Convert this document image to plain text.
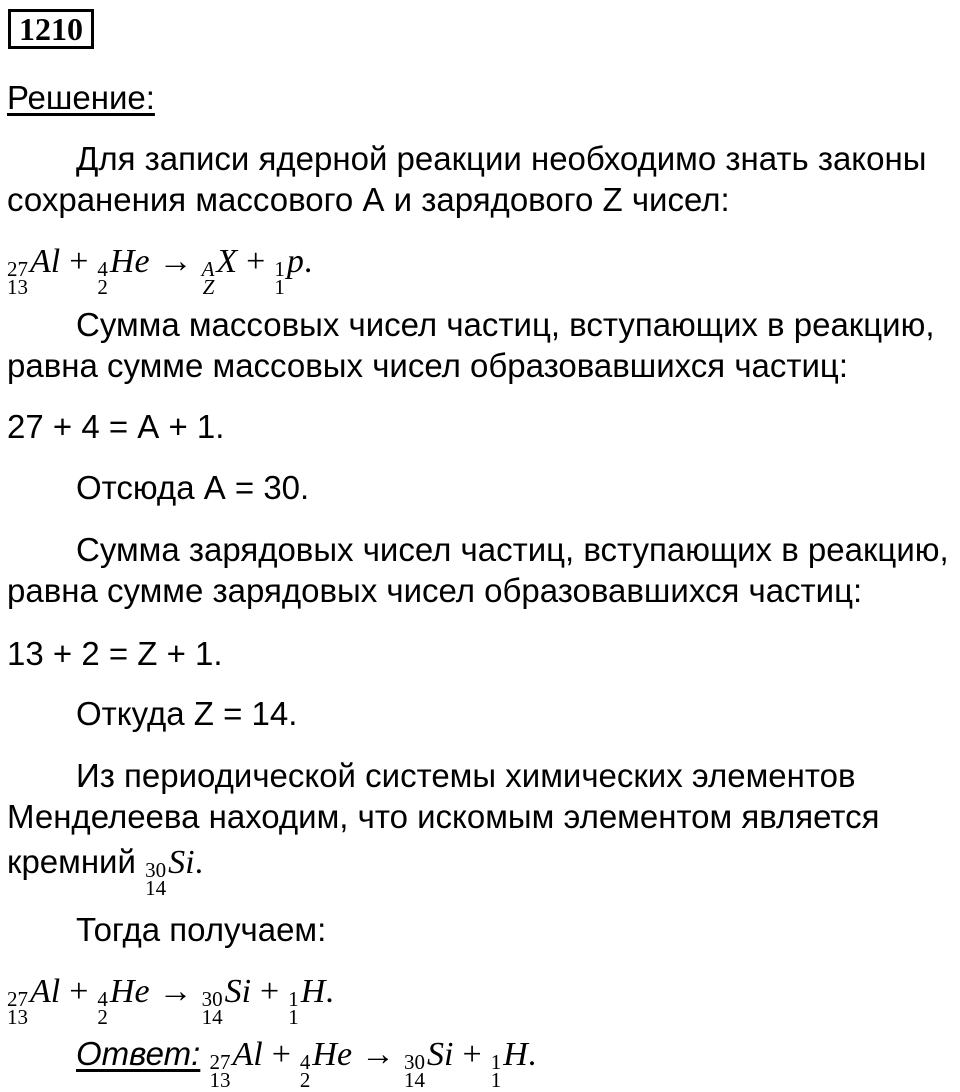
1210
Решение:
Для записи ядерной реакции необходимо знать законы
сохранения массового А и зарядового Z чисел:
27
13
Al + 4
2
He → A
Z
X + 1
1
p .
Сумма массовых чисел частиц, вступающих в реакцию,
равна сумме массовых чисел образовавшихся частиц:
27 + 4 = А + 1.
Отсюда А = 30.
Сумма зарядовых чисел частиц, вступающих в реакцию,
равна сумме зарядовых чисел образовавшихся частиц:
13 + 2 = Z + 1.
Откуда Z = 14.
Из периодической системы химических элементов
Менделеева находим, что искомым элементом является
кремний 30
14
Si .
Тогда получаем:
27
13
Al + 4
2
He → 30
14
Si + 1
1
H .
Ответ: 27
13
Al + 4
2
He → 30
14
Si + 1
1
H .
